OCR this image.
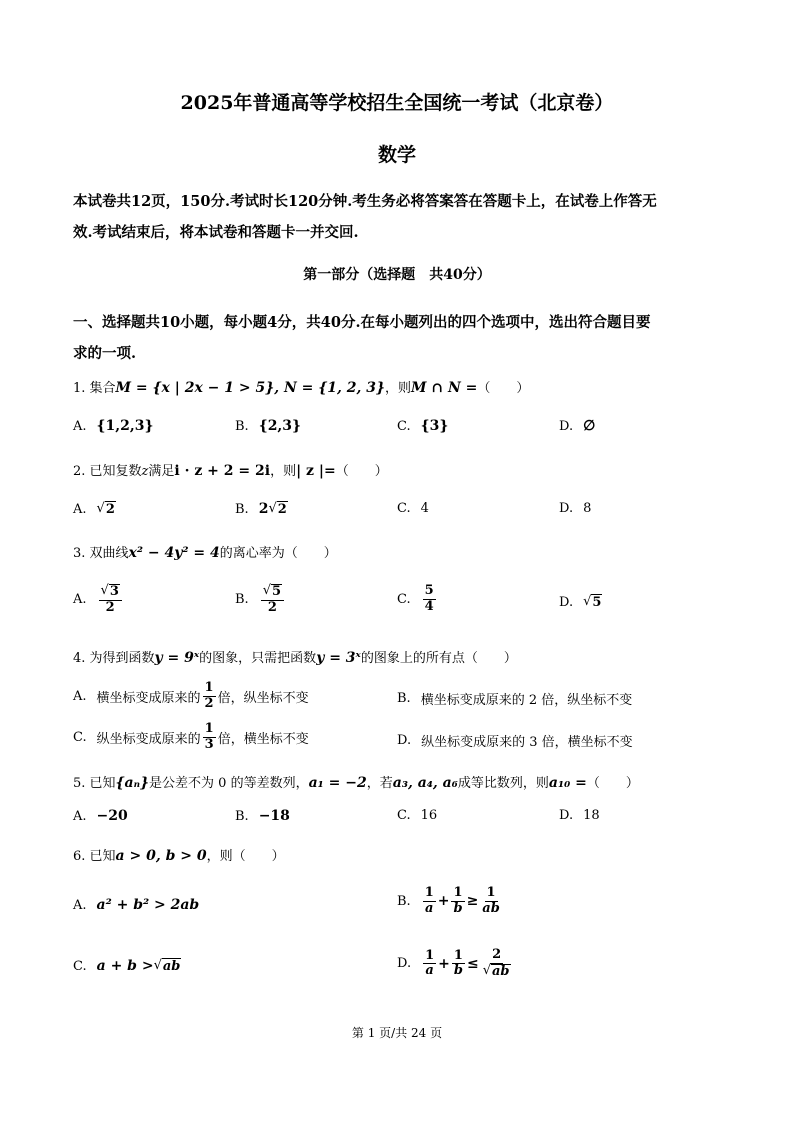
2025年普通高等学校招生全国统一考试（北京卷）
数学
本试卷共12页，150分.考试时长120分钟.考生务必将答案答在答题卡上，在试卷上作答无
效.考试结束后，将本试卷和答题卡一并交回.
第一部分（选择题　共40分）
一、选择题共10小题，每小题4分，共40分.在每小题列出的四个选项中，选出符合题目要
求的一项.
1. 集合M = {x | 2x − 1 > 5}, N = {1, 2, 3}，则M ∩ N =（　　）
A. {1,2,3}	B. {2,3}	C. {3}	D. ∅
2. 已知复数z满足i · z + 2 = 2i，则| z |=（　　）
A. √ 2	B. 2 √ 2	C. 4	D. 8
3. 双曲线x² − 4y² = 4的离心率为（　　）
A. $\frac{√ 3}{2}$	B. $\frac{√ 5}{2}$	C. $\frac{5}{4}$	D. √ 5
4. 为得到函数y = 9ˣ的图象，只需把函数y = 3ˣ的图象上的所有点（　　）
A. 横坐标变成原来的 $\frac{1}{2}$ 倍，纵坐标不变	B. 横坐标变成原来的 2 倍，纵坐标不变
C. 纵坐标变成原来的 $\frac{1}{3}$ 倍，横坐标不变	D. 纵坐标变成原来的 3 倍，横坐标不变
5. 已知{aₙ}是公差不为 0 的等差数列，a₁ = −2，若a₃, a₄, a₆成等比数列，则a₁₀ =（　　）
A. −20	B. −18	C. 16	D. 18
6. 已知a > 0, b > 0，则（　　）
A. a² + b² > 2ab	B. $\frac{1}{a} + \frac{1}{b} \ge \frac{1}{ab}$
C. a + b > √ ab	D. $\frac{1}{a} + \frac{1}{b} \le \frac{2}{√ ab}$
第 1 页/共 24 页
